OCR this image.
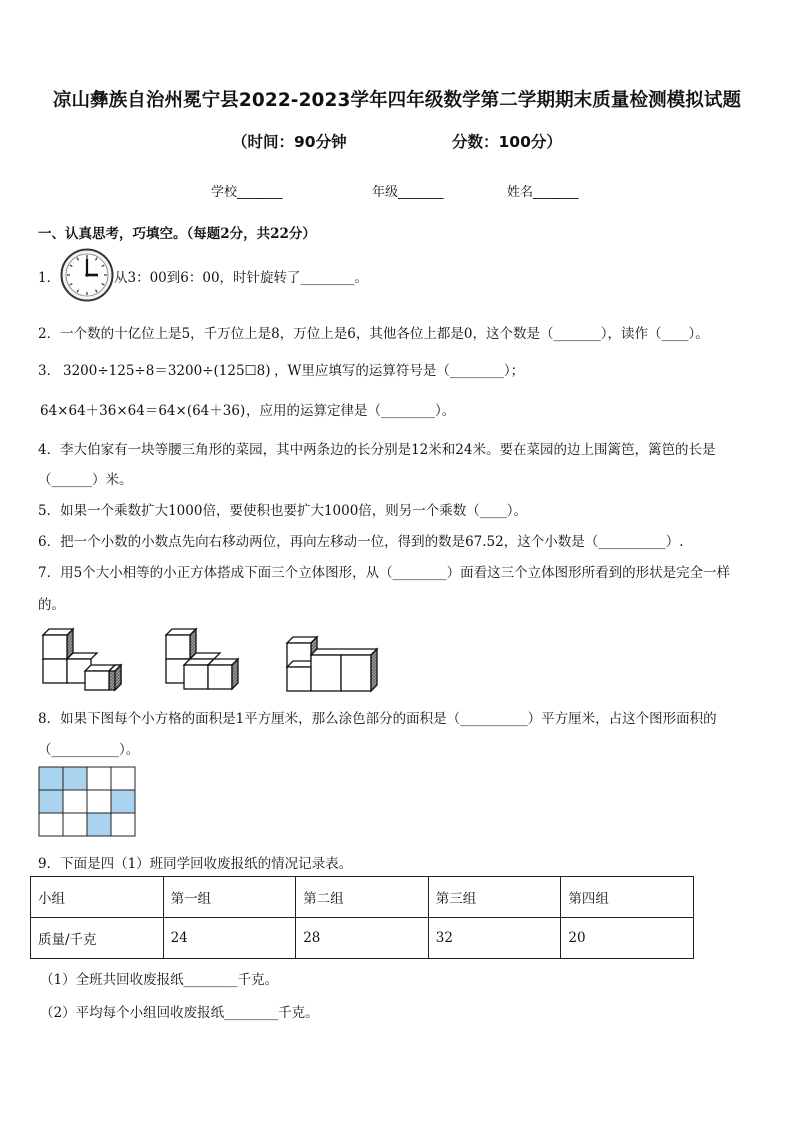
凉山彝族自治州冕宁县2022-2023学年四年级数学第二学期期末质量检测模拟试题
（时间：90分钟	分数：100分）
学校_______	年级_______	姓名_______
一、认真思考，巧填空。（每题2分，共22分）
1．	从3：00到6：00，时针旋转了________。
2．一个数的十亿位上是5，千万位上是8，万位上是6，其他各位上都是0，这个数是（_______），读作（____）。
3． 3200÷125÷8＝3200÷(125☐8) ，W里应填写的运算符号是（________）；
64×64＋36×64＝64×(64＋36) ，应用的运算定律是（________）。
4．李大伯家有一块等腰三角形的菜园，其中两条边的长分别是12米和24米。要在菜园的边上围篱笆，篱笆的长是
（______）米。
5．如果一个乘数扩大1000倍，要使积也要扩大1000倍，则另一个乘数（____）。
6．把一个小数的小数点先向右移动两位，再向左移动一位，得到的数是67.52，这个小数是（__________）.
7．用5个大小相等的小正方体搭成下面三个立体图形，从（________）面看这三个立体图形所看到的形状是完全一样
的。
8．如果下图每个小方格的面积是1平方厘米，那么涂色部分的面积是（__________）平方厘米，占这个图形面积的
（__________）。
9．下面是四（1）班同学回收废报纸的情况记录表。
小组	第一组	第二组	第三组	第四组
质量/千克	24	28	32	20
（1）全班共回收废报纸________千克。
（2）平均每个小组回收废报纸________千克。
